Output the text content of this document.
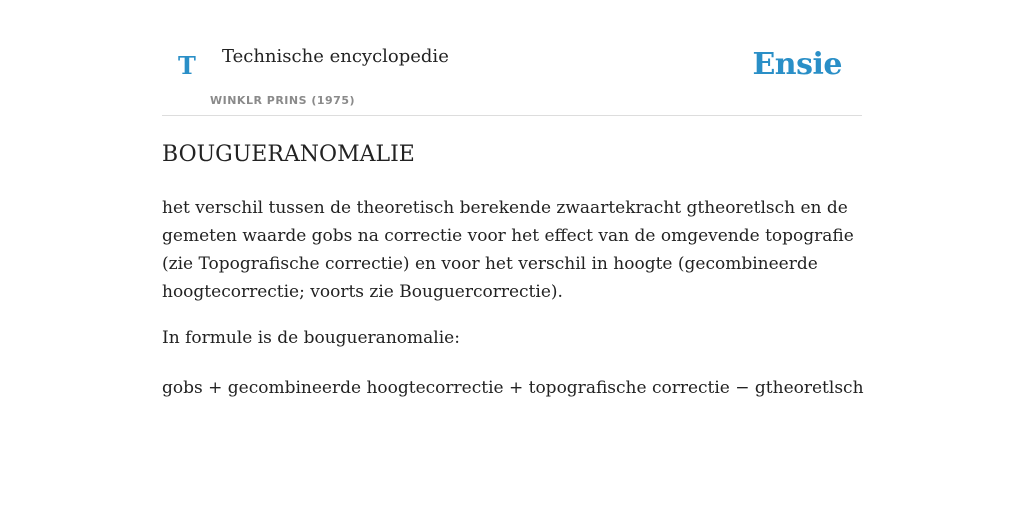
T Technische encyclopedie
WINKLR PRINS (1975)
Ensie
BOUGUERANOMALIE

het verschil tussen de theoretisch berekende zwaartekracht gtheoretlsch en de gemeten waarde gobs na correctie voor het effect van de omgevende topografie (zie Topografische correctie) en voor het verschil in hoogte (gecombineerde hoogtecorrectie; voorts zie Bouguercorrectie).

In formule is de bougueranomalie:

gobs + gecombineerde hoogtecorrectie + topografische correctie − gtheoretlsch
